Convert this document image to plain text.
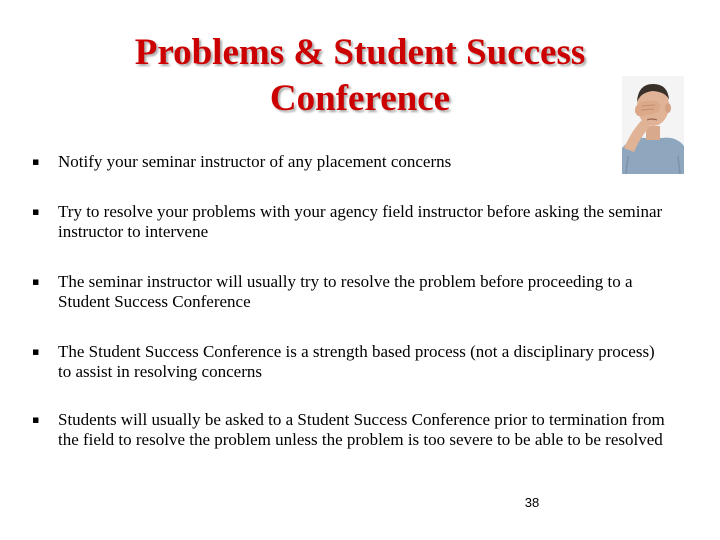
Problems & Student Success
Conference
▪ Notify your seminar instructor of any placement concerns
▪ Try to resolve your problems with your agency field instructor before asking the seminar instructor to intervene
▪ The seminar instructor will usually try to resolve the problem before proceeding to a Student Success Conference
▪ The Student Success Conference is a strength based process (not a disciplinary process) to assist in resolving concerns
▪ Students will usually be asked to a Student Success Conference prior to termination from the field to resolve the problem unless the problem is too severe to be able to be resolved
38
